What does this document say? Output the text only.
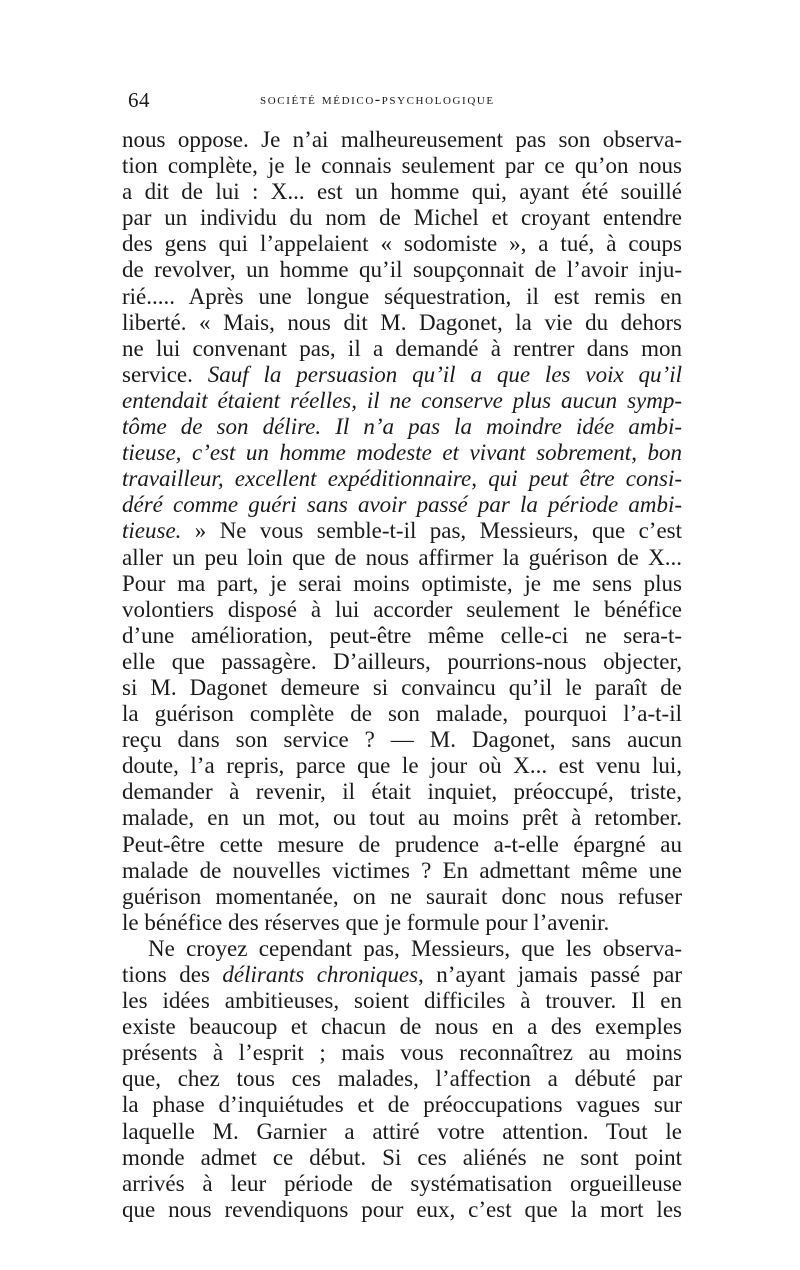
64	société médico-psychologique
nous oppose. Je n’ai malheureusement pas son observa-
tion complète, je le connais seulement par ce qu’on nous
a dit de lui : X... est un homme qui, ayant été souillé
par un individu du nom de Michel et croyant entendre
des gens qui l’appelaient « sodomiste », a tué, à coups
de revolver, un homme qu’il soupçonnait de l’avoir inju-
rié..... Après une longue séquestration, il est remis en
liberté. « Mais, nous dit M. Dagonet, la vie du dehors
ne lui convenant pas, il a demandé à rentrer dans mon
service. Sauf la persuasion qu’il a que les voix qu’il
entendait étaient réelles, il ne conserve plus aucun symp-
tôme de son délire. Il n’a pas la moindre idée ambi-
tieuse, c’est un homme modeste et vivant sobrement, bon
travailleur, excellent expéditionnaire, qui peut être consi-
déré comme guéri sans avoir passé par la période ambi-
tieuse. » Ne vous semble-t-il pas, Messieurs, que c’est
aller un peu loin que de nous affirmer la guérison de X...
Pour ma part, je serai moins optimiste, je me sens plus
volontiers disposé à lui accorder seulement le bénéfice
d’une amélioration, peut-être même celle-ci ne sera-t-
elle que passagère. D’ailleurs, pourrions-nous objecter,
si M. Dagonet demeure si convaincu qu’il le paraît de
la guérison complète de son malade, pourquoi l’a-t-il
reçu dans son service ? — M. Dagonet, sans aucun
doute, l’a repris, parce que le jour où X... est venu lui,
demander à revenir, il était inquiet, préoccupé, triste,
malade, en un mot, ou tout au moins prêt à retomber.
Peut-être cette mesure de prudence a-t-elle épargné au
malade de nouvelles victimes ? En admettant même une
guérison momentanée, on ne saurait donc nous refuser
le bénéfice des réserves que je formule pour l’avenir.
Ne croyez cependant pas, Messieurs, que les observa-
tions des délirants chroniques, n’ayant jamais passé par
les idées ambitieuses, soient difficiles à trouver. Il en
existe beaucoup et chacun de nous en a des exemples
présents à l’esprit ; mais vous reconnaîtrez au moins
que, chez tous ces malades, l’affection a débuté par
la phase d’inquiétudes et de préoccupations vagues sur
laquelle M. Garnier a attiré votre attention. Tout le
monde admet ce début. Si ces aliénés ne sont point
arrivés à leur période de systématisation orgueilleuse
que nous revendiquons pour eux, c’est que la mort les
